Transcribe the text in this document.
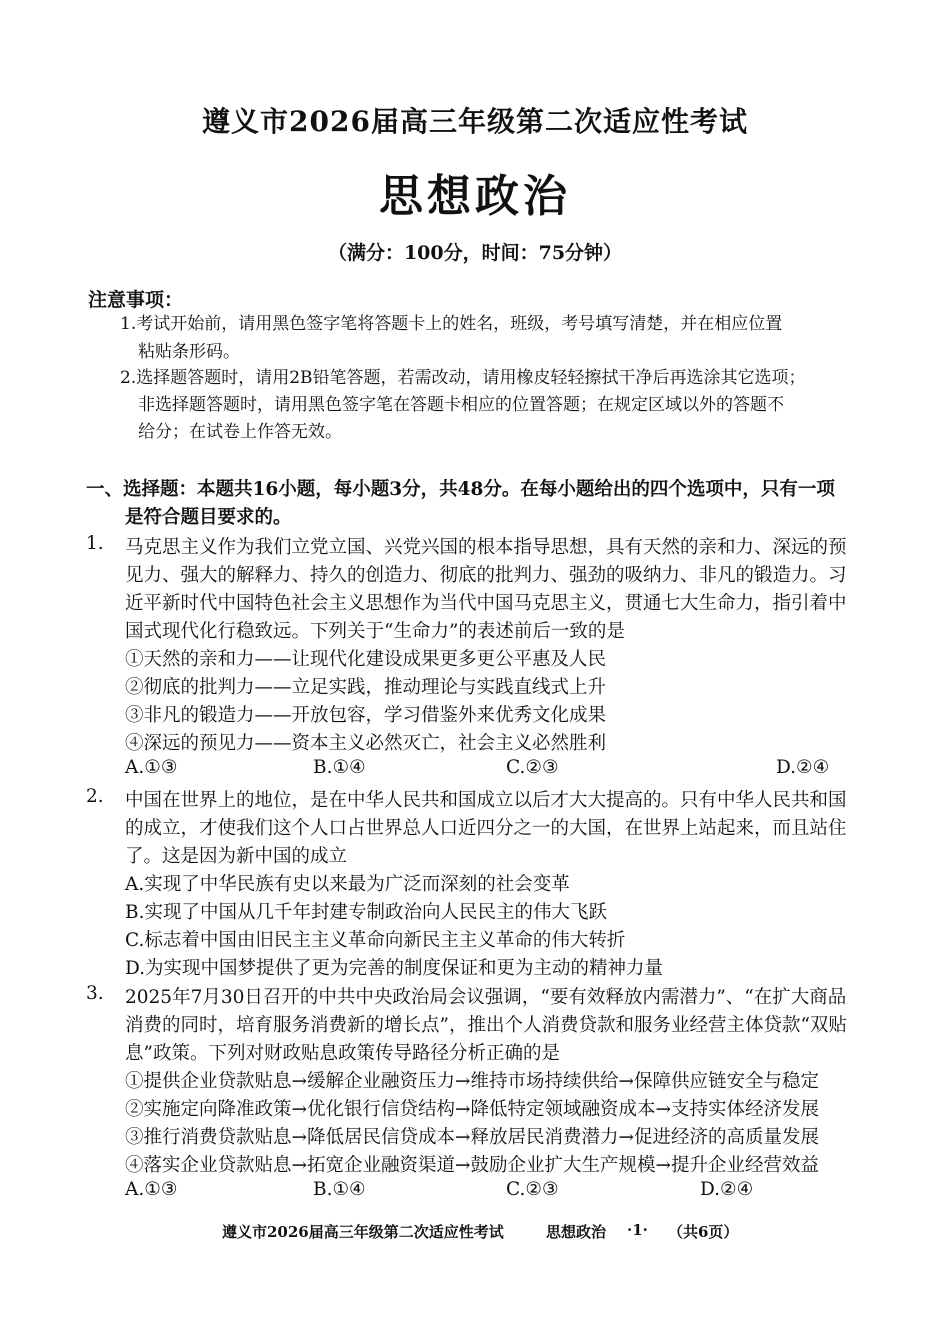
遵义市2026届高三年级第二次适应性考试
思想政治
（满分：100分，时间：75分钟）
注意事项：
1.考试开始前，请用黑色签字笔将答题卡上的姓名，班级，考号填写清楚，并在相应位置
粘贴条形码。
2.选择题答题时，请用2B铅笔答题，若需改动，请用橡皮轻轻擦拭干净后再选涂其它选项；
非选择题答题时，请用黑色签字笔在答题卡相应的位置答题；在规定区域以外的答题不
给分；在试卷上作答无效。
一、选择题：本题共16小题，每小题3分，共48分。在每小题给出的四个选项中，只有一项
是符合题目要求的。
1. 马克思主义作为我们立党立国、兴党兴国的根本指导思想，具有天然的亲和力、深远的预
见力、强大的解释力、持久的创造力、彻底的批判力、强劲的吸纳力、非凡的锻造力。习
近平新时代中国特色社会主义思想作为当代中国马克思主义，贯通七大生命力，指引着中
国式现代化行稳致远。下列关于“生命力”的表述前后一致的是
①天然的亲和力——让现代化建设成果更多更公平惠及人民
②彻底的批判力——立足实践，推动理论与实践直线式上升
③非凡的锻造力——开放包容，学习借鉴外来优秀文化成果
④深远的预见力——资本主义必然灭亡，社会主义必然胜利
A.①③	B.①④	C.②③	D.②④
2. 中国在世界上的地位，是在中华人民共和国成立以后才大大提高的。只有中华人民共和国
的成立，才使我们这个人口占世界总人口近四分之一的大国，在世界上站起来，而且站住
了。这是因为新中国的成立
A.实现了中华民族有史以来最为广泛而深刻的社会变革
B.实现了中国从几千年封建专制政治向人民民主的伟大飞跃
C.标志着中国由旧民主主义革命向新民主主义革命的伟大转折
D.为实现中国梦提供了更为完善的制度保证和更为主动的精神力量
3. 2025年7月30日召开的中共中央政治局会议强调，“要有效释放内需潜力”、“在扩大商品
消费的同时，培育服务消费新的增长点”，推出个人消费贷款和服务业经营主体贷款“双贴
息”政策。下列对财政贴息政策传导路径分析正确的是
①提供企业贷款贴息→缓解企业融资压力→维持市场持续供给→保障供应链安全与稳定
②实施定向降准政策→优化银行信贷结构→降低特定领域融资成本→支持实体经济发展
③推行消费贷款贴息→降低居民信贷成本→释放居民消费潜力→促进经济的高质量发展
④落实企业贷款贴息→拓宽企业融资渠道→鼓励企业扩大生产规模→提升企业经营效益
A.①③	B.①④	C.②③	D.②④
遵义市2026届高三年级第二次适应性考试	思想政治 ·1· （共6页）
